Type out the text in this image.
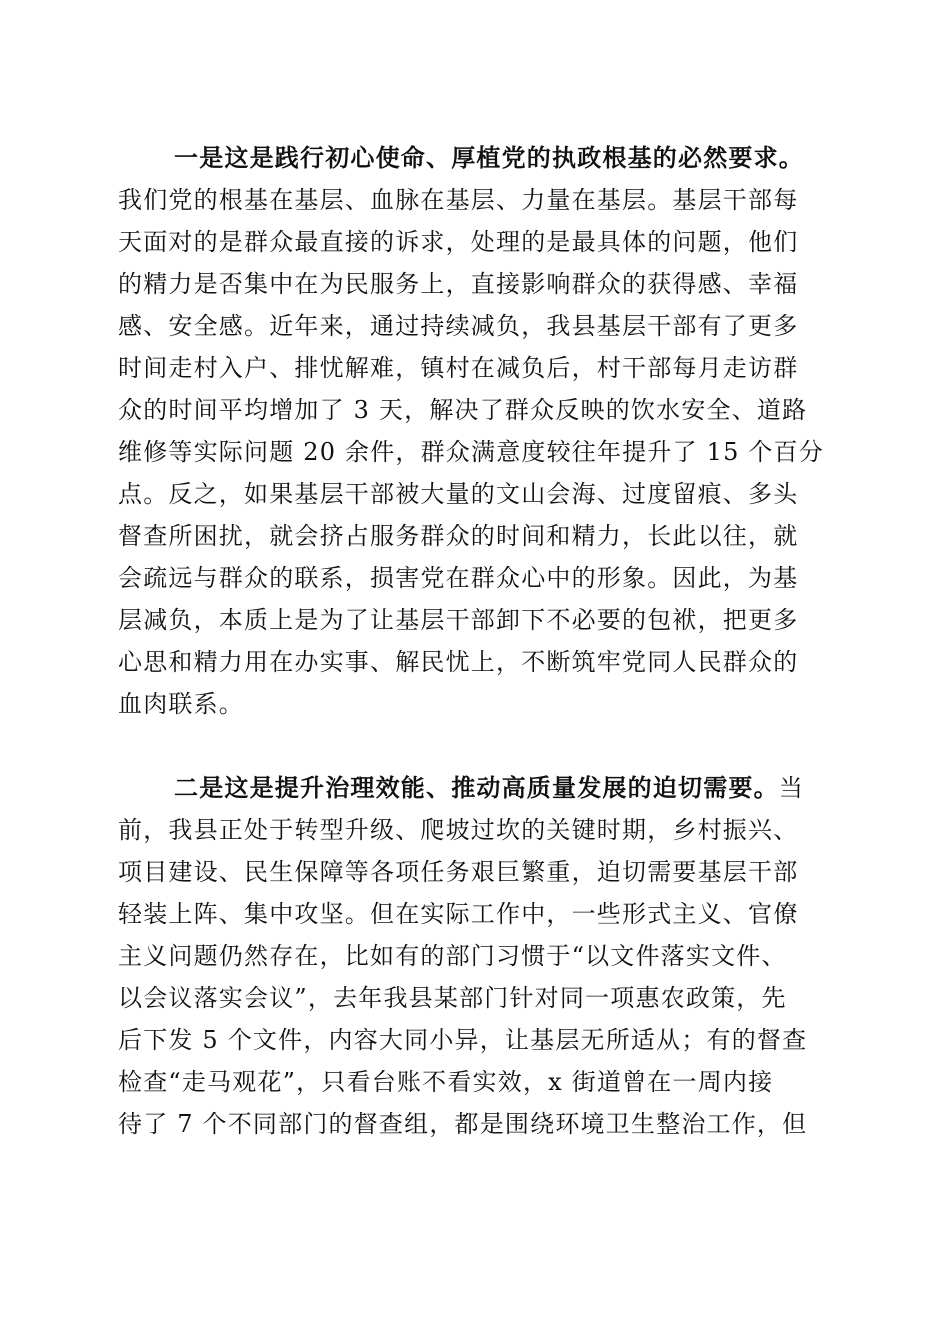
一是这是践行初心使命、厚植党的执政根基的必然要求。
我们党的根基在基层、血脉在基层、力量在基层。基层干部每
天面对的是群众最直接的诉求，处理的是最具体的问题，他们
的精力是否集中在为民服务上，直接影响群众的获得感、幸福
感、安全感。近年来，通过持续减负，我县基层干部有了更多
时间走村入户、排忧解难，镇村在减负后，村干部每月走访群
众的时间平均增加了 3 天，解决了群众反映的饮水安全、道路
维修等实际问题 20 余件，群众满意度较往年提升了 15 个百分
点。反之，如果基层干部被大量的文山会海、过度留痕、多头
督查所困扰，就会挤占服务群众的时间和精力，长此以往，就
会疏远与群众的联系，损害党在群众心中的形象。因此，为基
层减负，本质上是为了让基层干部卸下不必要的包袱，把更多
心思和精力用在办实事、解民忧上，不断筑牢党同人民群众的
血肉联系。
二是这是提升治理效能、推动高质量发展的迫切需要。当
前，我县正处于转型升级、爬坡过坎的关键时期，乡村振兴、
项目建设、民生保障等各项任务艰巨繁重，迫切需要基层干部
轻装上阵、集中攻坚。但在实际工作中，一些形式主义、官僚
主义问题仍然存在，比如有的部门习惯于“以文件落实文件、
以会议落实会议”，去年我县某部门针对同一项惠农政策，先
后下发 5 个文件，内容大同小异，让基层无所适从；有的督查
检查“走马观花”，只看台账不看实效，x 街道曾在一周内接
待了 7 个不同部门的督查组，都是围绕环境卫生整治工作，但
